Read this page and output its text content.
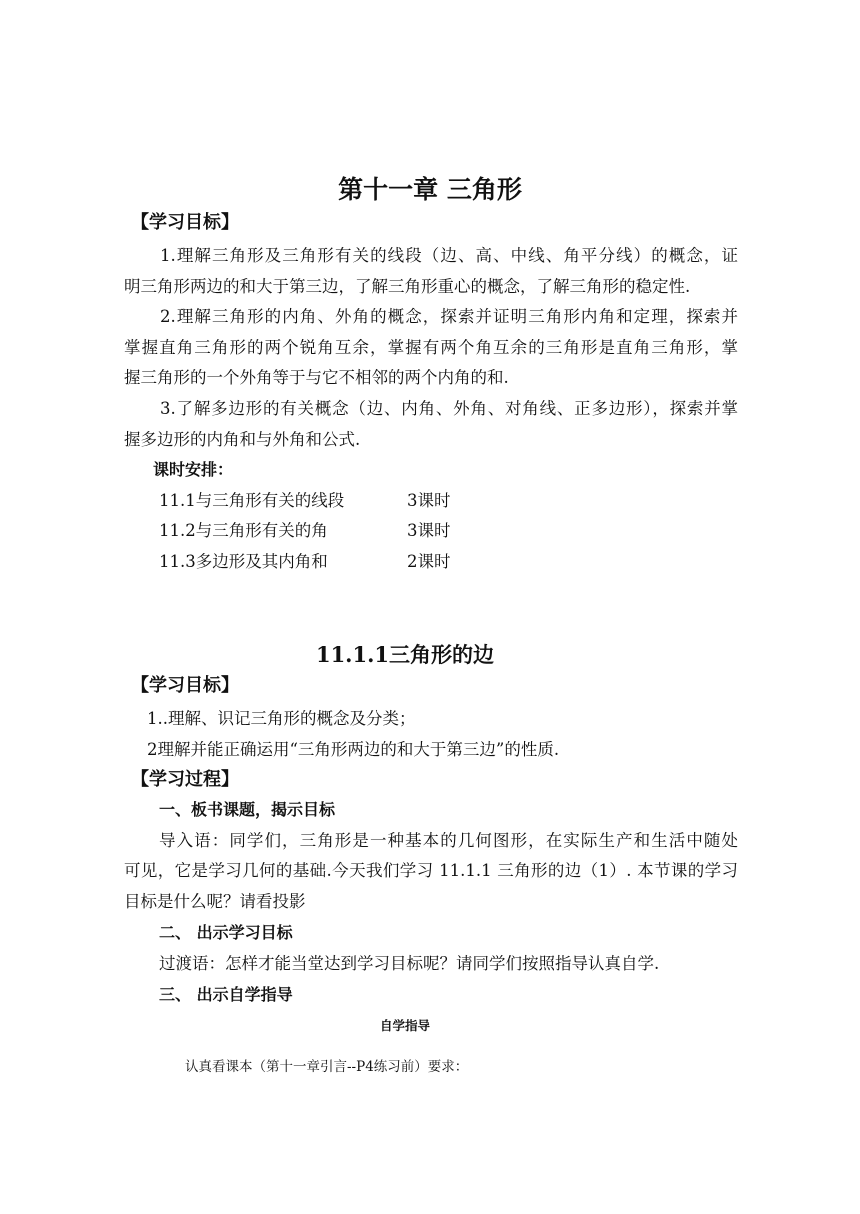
第十一章 三角形
【学习目标】
1.理解三角形及三角形有关的线段（边、高、中线、角平分线）的概念，证
明三角形两边的和大于第三边，了解三角形重心的概念，了解三角形的稳定性.
2.理解三角形的内角、外角的概念，探索并证明三角形内角和定理，探索并
掌握直角三角形的两个锐角互余，掌握有两个角互余的三角形是直角三角形，掌
握三角形的一个外角等于与它不相邻的两个内角的和.
3.了解多边形的有关概念（边、内角、外角、对角线、正多边形），探索并掌
握多边形的内角和与外角和公式.
课时安排：
11.1与三角形有关的线段	3课时
11.2与三角形有关的角	3课时
11.3多边形及其内角和	2课时
11.1.1三角形的边
【学习目标】
1..理解、识记三角形的概念及分类；
2理解并能正确运用“三角形两边的和大于第三边”的性质.
【学习过程】
一、板书课题，揭示目标
导入语：同学们，三角形是一种基本的几何图形，在实际生产和生活中随处
可见，它是学习几何的基础.今天我们学习 11.1.1 三角形的边（1）. 本节课的学习
目标是什么呢？请看投影
二、 出示学习目标
过渡语：怎样才能当堂达到学习目标呢？请同学们按照指导认真自学.
三、 出示自学指导
自学指导
认真看课本（第十一章引言--P4练习前）要求：
